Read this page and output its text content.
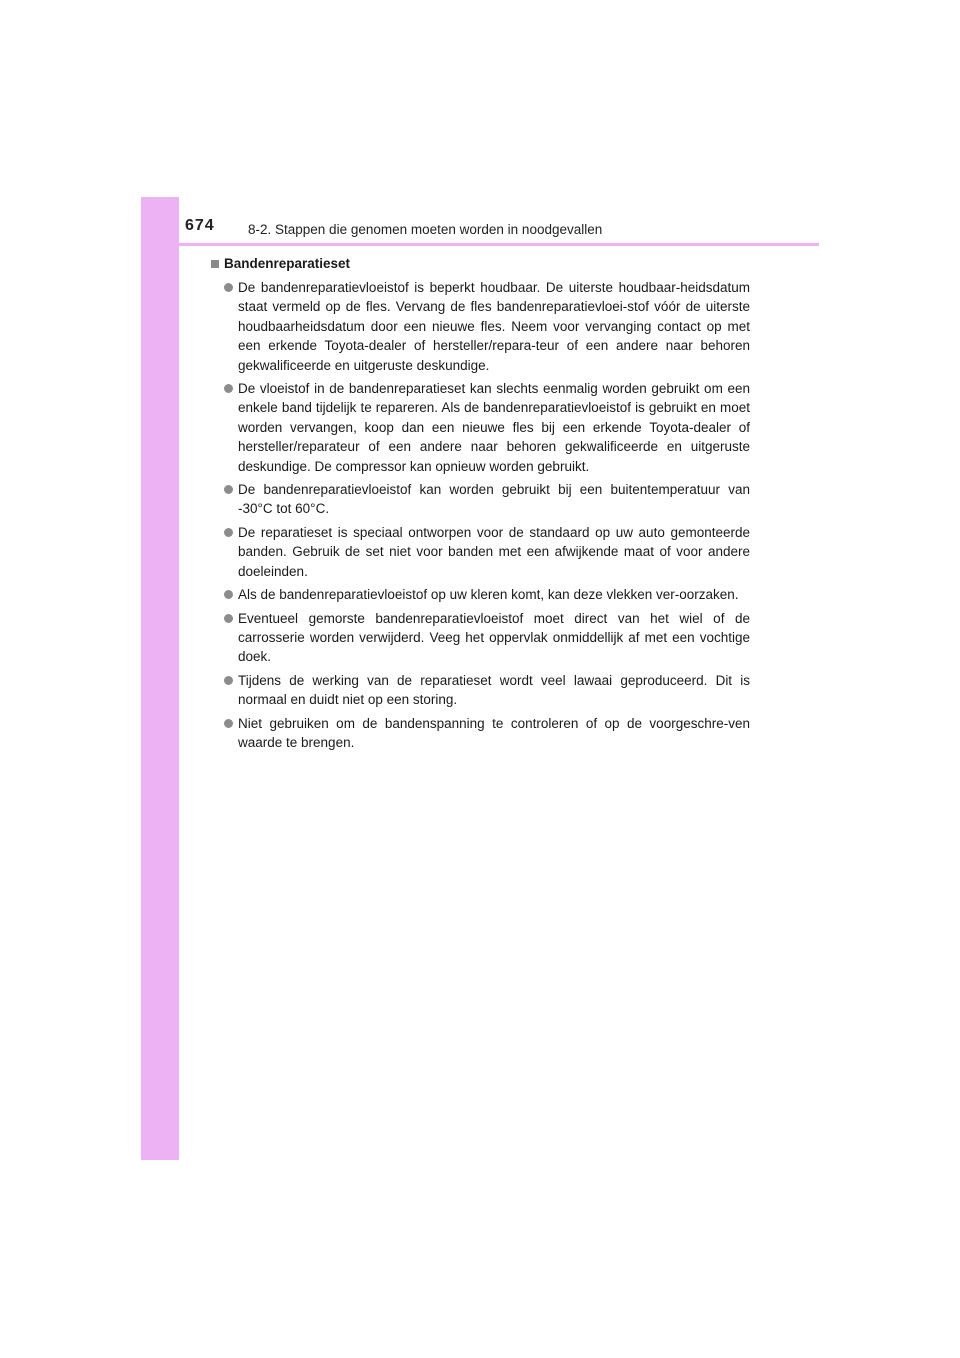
674 8-2. Stappen die genomen moeten worden in noodgevallen
Bandenreparatieset
De bandenreparatievloeistof is beperkt houdbaar. De uiterste houdbaar-heidsdatum staat vermeld op de fles. Vervang de fles bandenreparatievloei-stof vóór de uiterste houdbaarheidsdatum door een nieuwe fles. Neem voor vervanging contact op met een erkende Toyota-dealer of hersteller/repara-teur of een andere naar behoren gekwalificeerde en uitgeruste deskundige.
De vloeistof in de bandenreparatieset kan slechts eenmalig worden gebruikt om een enkele band tijdelijk te repareren. Als de bandenreparatievloeistof is gebruikt en moet worden vervangen, koop dan een nieuwe fles bij een erkende Toyota-dealer of hersteller/reparateur of een andere naar behoren gekwalificeerde en uitgeruste deskundige. De compressor kan opnieuw worden gebruikt.
De bandenreparatievloeistof kan worden gebruikt bij een buitentemperatuur van -30°C tot 60°C.
De reparatieset is speciaal ontworpen voor de standaard op uw auto gemonteerde banden. Gebruik de set niet voor banden met een afwijkende maat of voor andere doeleinden.
Als de bandenreparatievloeistof op uw kleren komt, kan deze vlekken ver-oorzaken.
Eventueel gemorste bandenreparatievloeistof moet direct van het wiel of de carrosserie worden verwijderd. Veeg het oppervlak onmiddellijk af met een vochtige doek.
Tijdens de werking van de reparatieset wordt veel lawaai geproduceerd. Dit is normaal en duidt niet op een storing.
Niet gebruiken om de bandenspanning te controleren of op de voorgeschre-ven waarde te brengen.
